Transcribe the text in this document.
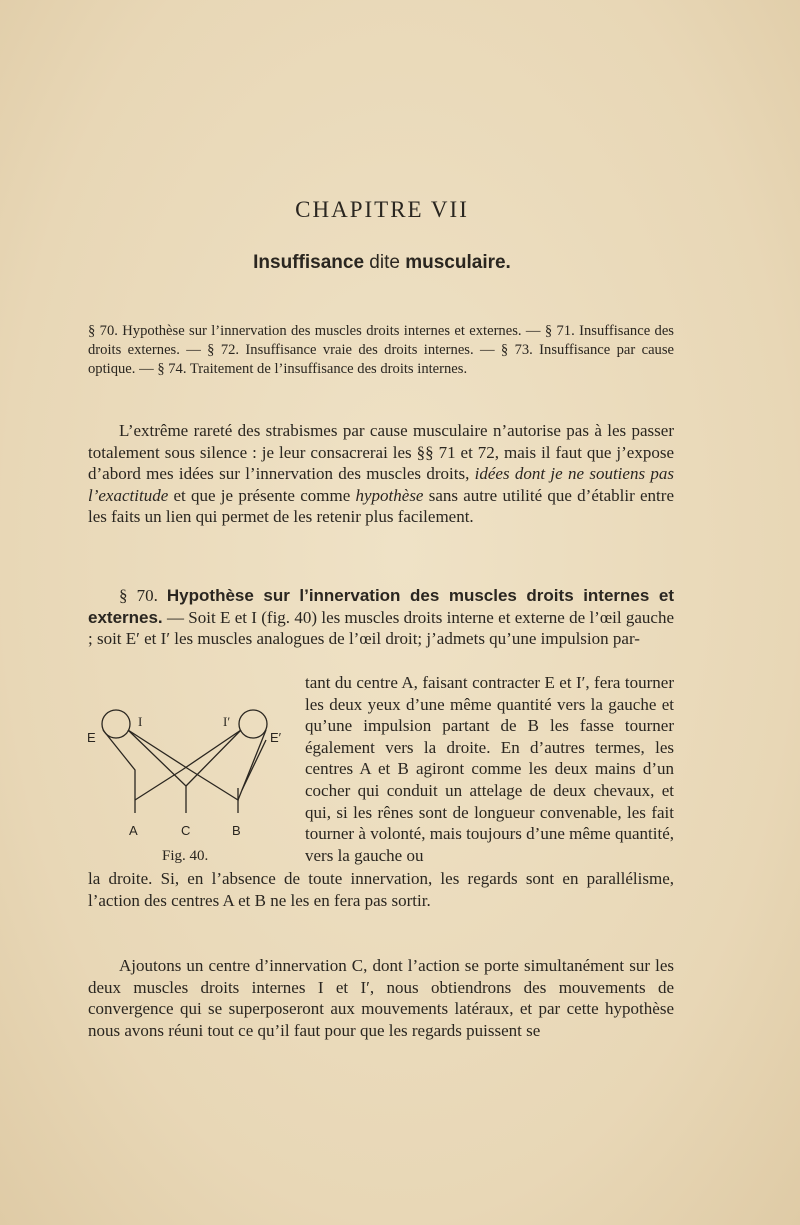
CHAPITRE VII
Insuffisance dite musculaire.
§ 70. Hypothèse sur l’innervation des muscles droits internes et externes. — § 71. Insuffisance des droits externes. — § 72. Insuffisance vraie des droits internes. — § 73. Insuffisance par cause optique. — § 74. Traitement de l’insuffisance des droits internes.
L’extrême rareté des strabismes par cause musculaire n’autorise pas à les passer totalement sous silence : je leur consacrerai les §§ 71 et 72, mais il faut que j’expose d’abord mes idées sur l’innervation des muscles droits, idées dont je ne soutiens pas l’exactitude et que je présente comme hypothèse sans autre utilité que d’établir entre les faits un lien qui permet de les retenir plus facilement.
§ 70. Hypothèse sur l’innervation des muscles droits internes et externes. — Soit E et I (fig. 40) les muscles droits interne et externe de l’œil gauche ; soit E′ et I′ les muscles analogues de l’œil droit; j’admets qu’une impulsion par-
tant du centre A, faisant contracter E et I′, fera tourner les deux yeux d’une même quantité vers la gauche et qu’une impulsion partant de B les fasse tourner également vers la droite. En d’autres termes, les centres A et B agiront comme les deux mains d’un cocher qui conduit un attelage de deux chevaux, et qui, si les rênes sont de longueur convenable, les fait tourner à volonté, mais toujours d’une même quantité, vers la gauche ou
E
I	I′
E′
A	C	B
Fig. 40.
la droite. Si, en l’absence de toute innervation, les regards sont en parallélisme, l’action des centres A et B ne les en fera pas sortir.
Ajoutons un centre d’innervation C, dont l’action se porte simultanément sur les deux muscles droits internes I et I′, nous obtiendrons des mouvements de convergence qui se superposeront aux mouvements latéraux, et par cette hypothèse nous avons réuni tout ce qu’il faut pour que les regards puissent se
